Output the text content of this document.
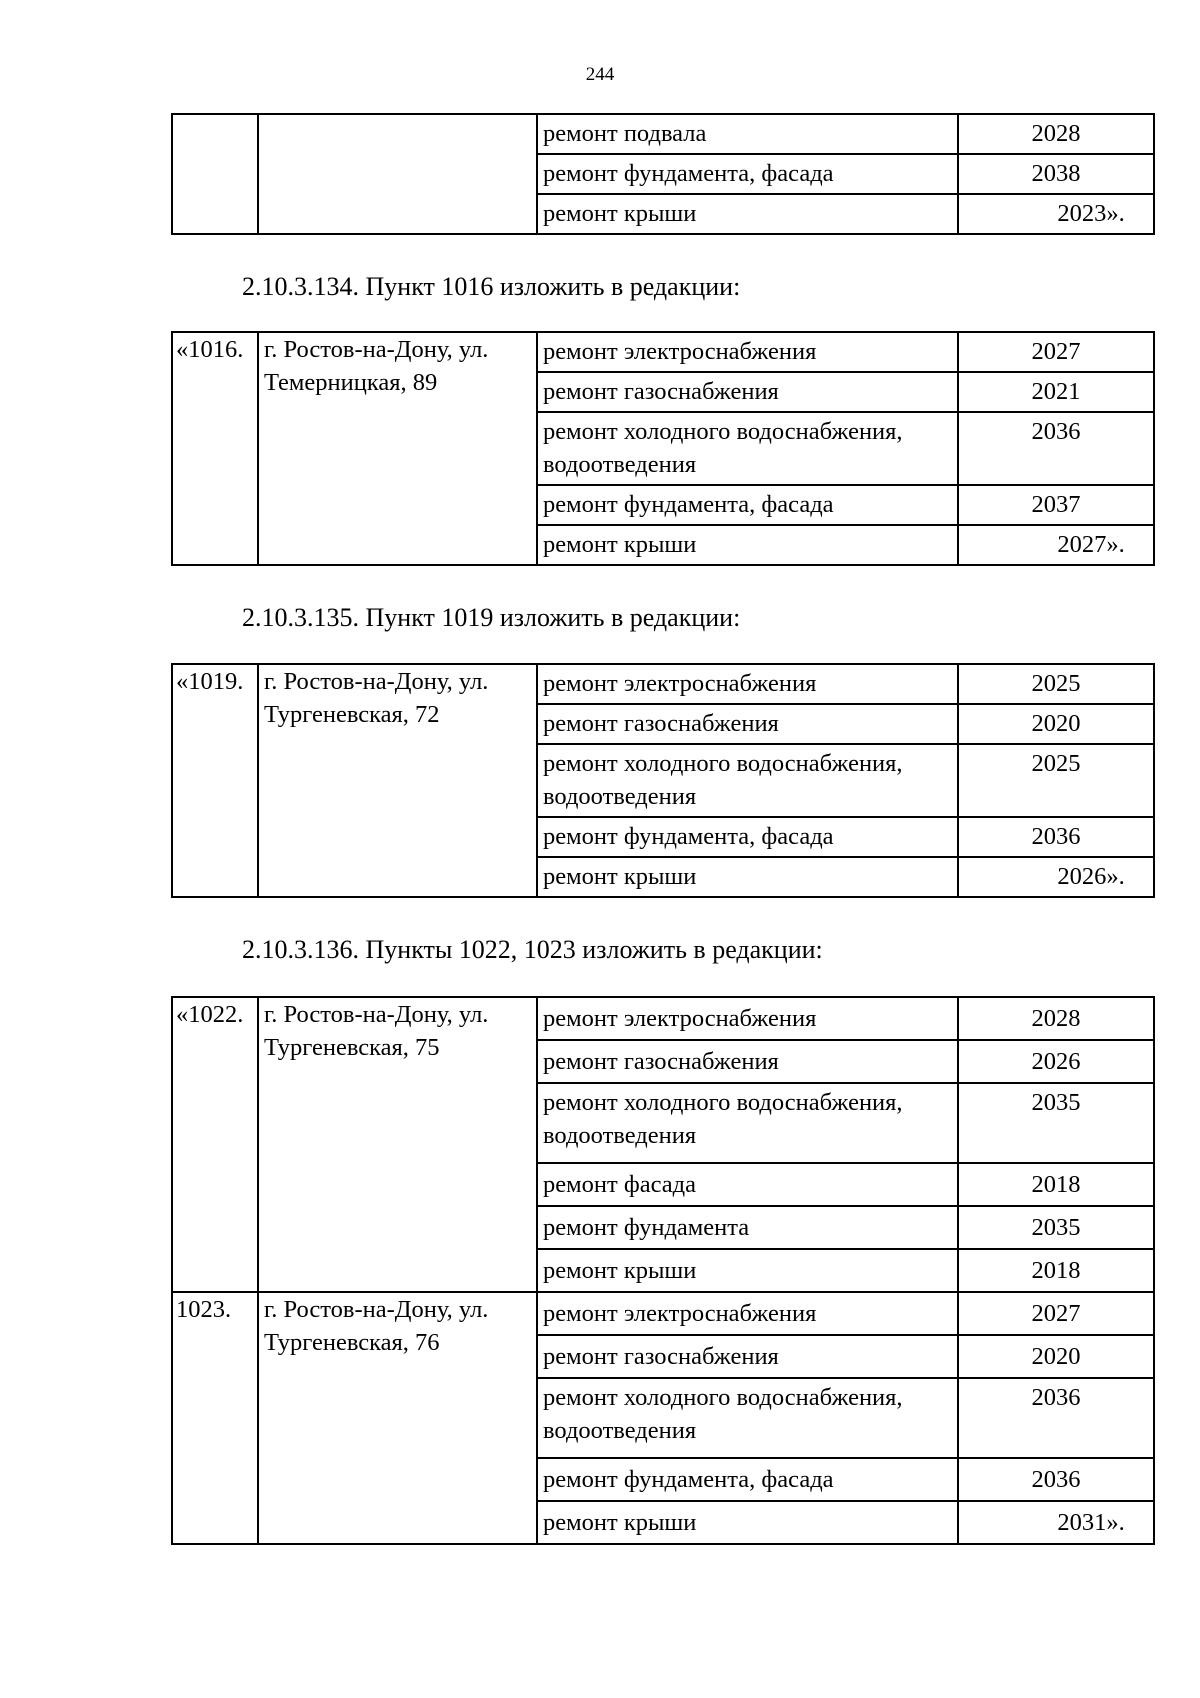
244
		ремонт подвала	2028
		ремонт фундамента, фасада	2038
		ремонт крыши	2023».
2.10.3.134. Пункт 1016 изложить в редакции:
«1016.	г. Ростов-на-Дону, ул. Темерницкая, 89	ремонт электроснабжения	2027
		ремонт газоснабжения	2021
		ремонт холодного водоснабжения, водоотведения	2036
		ремонт фундамента, фасада	2037
		ремонт крыши	2027».
2.10.3.135. Пункт 1019 изложить в редакции:
«1019.	г. Ростов-на-Дону, ул. Тургеневская, 72	ремонт электроснабжения	2025
		ремонт газоснабжения	2020
		ремонт холодного водоснабжения, водоотведения	2025
		ремонт фундамента, фасада	2036
		ремонт крыши	2026».
2.10.3.136. Пункты 1022, 1023 изложить в редакции:
«1022.	г. Ростов-на-Дону, ул. Тургеневская, 75	ремонт электроснабжения	2028
		ремонт газоснабжения	2026
		ремонт холодного водоснабжения, водоотведения	2035
		ремонт фасада	2018
		ремонт фундамента	2035
		ремонт крыши	2018
1023.	г. Ростов-на-Дону, ул. Тургеневская, 76	ремонт электроснабжения	2027
		ремонт газоснабжения	2020
		ремонт холодного водоснабжения, водоотведения	2036
		ремонт фундамента, фасада	2036
		ремонт крыши	2031».
